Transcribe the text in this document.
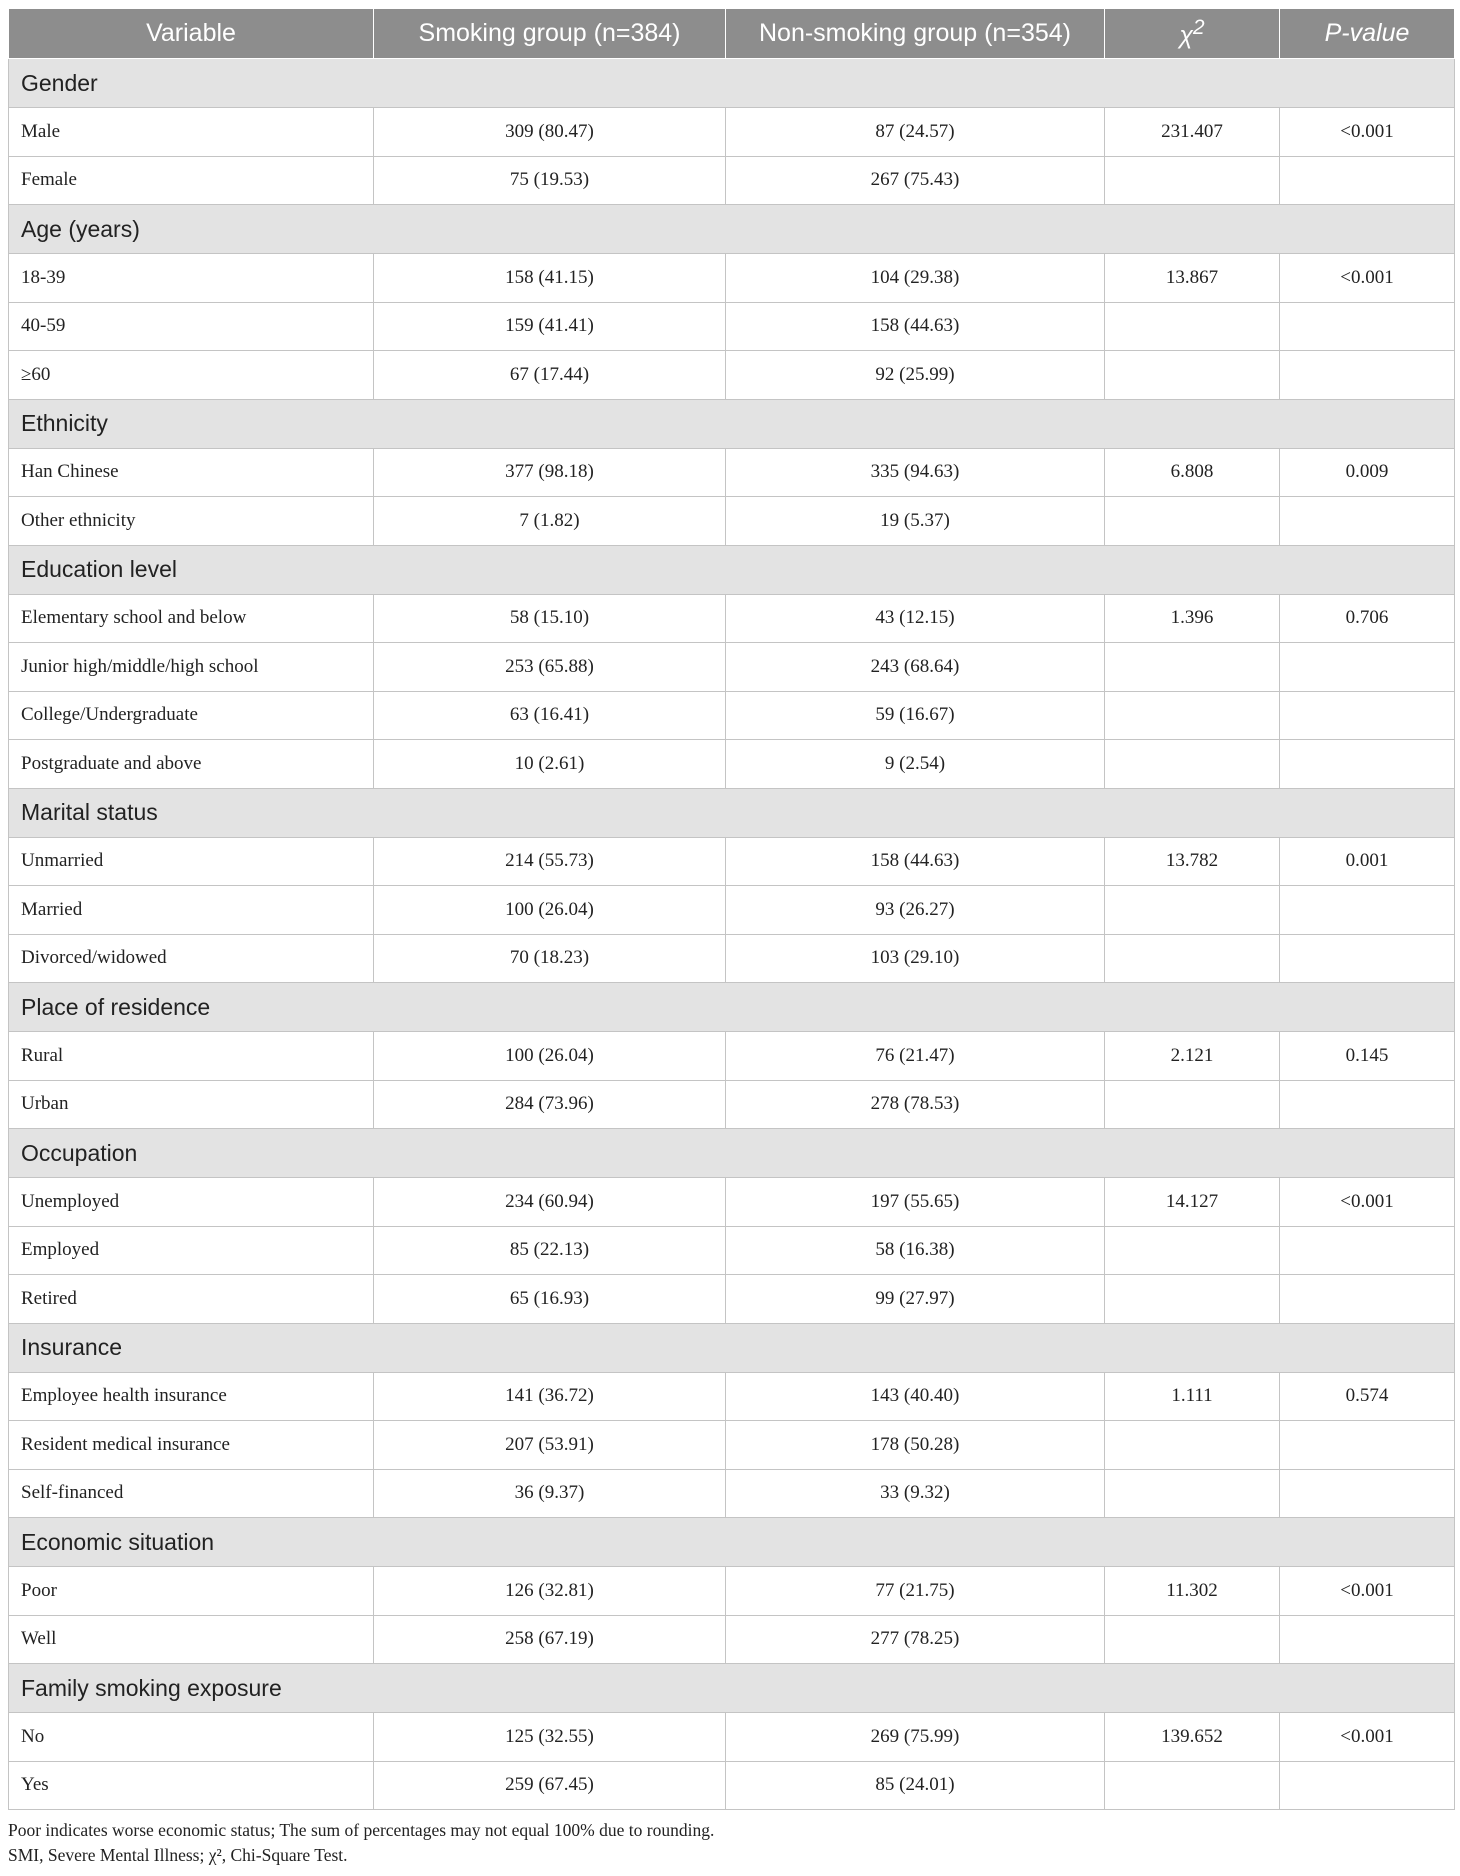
Variable	Smoking group (n=384)	Non-smoking group (n=354)	$\chi^2$	P-value
Gender				
Male	309 (80.47)	87 (24.57)	231.407	<0.001
Female	75 (19.53)	267 (75.43)		
Age (years)				
18-39	158 (41.15)	104 (29.38)	13.867	<0.001
40-59	159 (41.41)	158 (44.63)		
≥60	67 (17.44)	92 (25.99)		
Ethnicity				
Han Chinese	377 (98.18)	335 (94.63)	6.808	0.009
Other ethnicity	7 (1.82)	19 (5.37)		
Education level				
Elementary school and below	58 (15.10)	43 (12.15)	1.396	0.706
Junior high/middle/high school	253 (65.88)	243 (68.64)		
College/Undergraduate	63 (16.41)	59 (16.67)		
Postgraduate and above	10 (2.61)	9 (2.54)		
Marital status				
Unmarried	214 (55.73)	158 (44.63)	13.782	0.001
Married	100 (26.04)	93 (26.27)		
Divorced/widowed	70 (18.23)	103 (29.10)		
Place of residence				
Rural	100 (26.04)	76 (21.47)	2.121	0.145
Urban	284 (73.96)	278 (78.53)		
Occupation				
Unemployed	234 (60.94)	197 (55.65)	14.127	<0.001
Employed	85 (22.13)	58 (16.38)		
Retired	65 (16.93)	99 (27.97)		
Insurance				
Employee health insurance	141 (36.72)	143 (40.40)	1.111	0.574
Resident medical insurance	207 (53.91)	178 (50.28)		
Self-financed	36 (9.37)	33 (9.32)		
Economic situation				
Poor	126 (32.81)	77 (21.75)	11.302	<0.001
Well	258 (67.19)	277 (78.25)		
Family smoking exposure				
No	125 (32.55)	269 (75.99)	139.652	<0.001
Yes	259 (67.45)	85 (24.01)		
Poor indicates worse economic status; The sum of percentages may not equal 100% due to rounding.
SMI, Severe Mental Illness; χ², Chi-Square Test.
